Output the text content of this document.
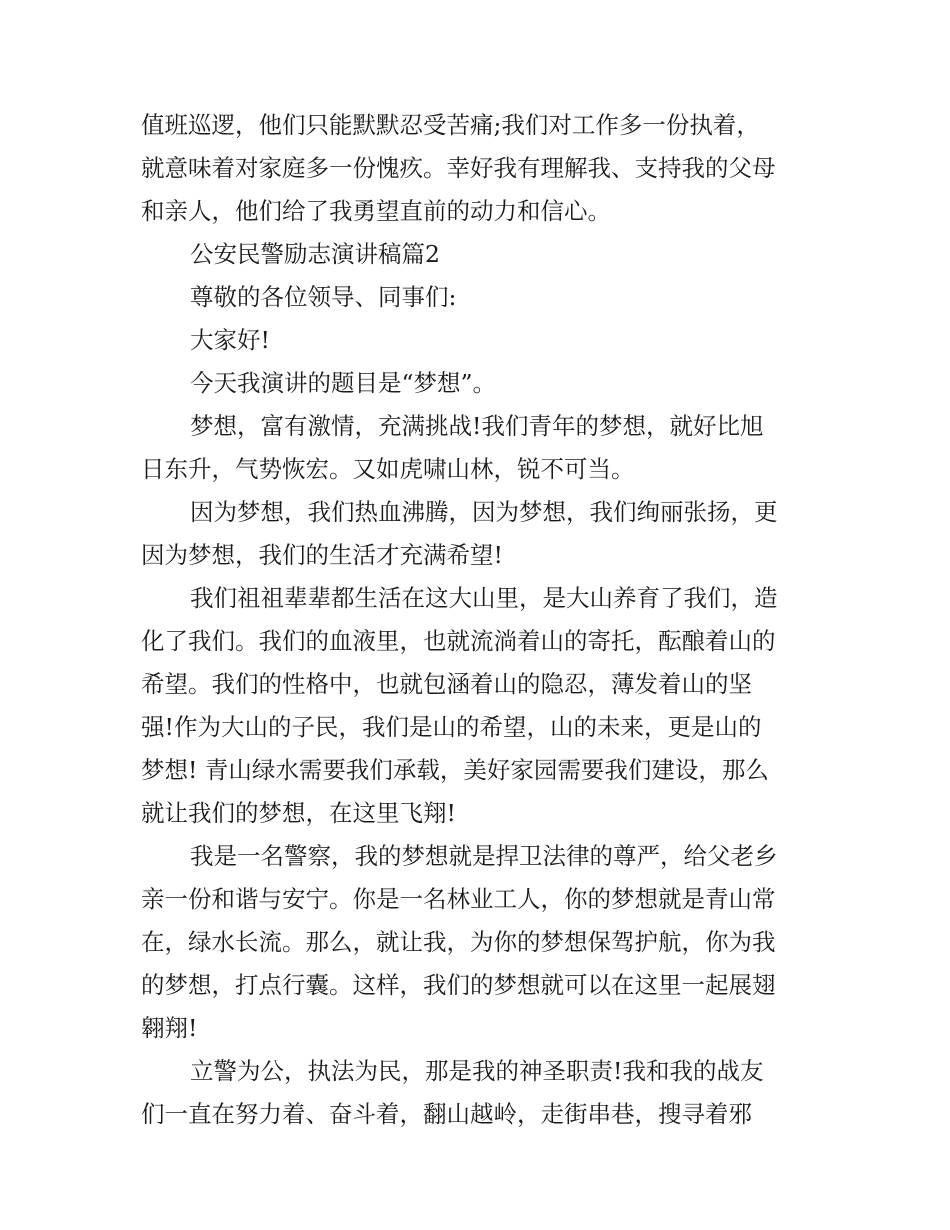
值班巡逻，他们只能默默忍受苦痛;我们对工作多一份执着，
就意味着对家庭多一份愧疚。幸好我有理解我、支持我的父母
和亲人，他们给了我勇望直前的动力和信心。
公安民警励志演讲稿篇2
尊敬的各位领导、同事们:
大家好!
今天我演讲的题目是“梦想”。
梦想，富有激情，充满挑战!我们青年的梦想，就好比旭
日东升，气势恢宏。又如虎啸山林，锐不可当。
因为梦想，我们热血沸腾，因为梦想，我们绚丽张扬，更
因为梦想，我们的生活才充满希望!
我们祖祖辈辈都生活在这大山里，是大山养育了我们，造
化了我们。我们的血液里，也就流淌着山的寄托，酝酿着山的
希望。我们的性格中，也就包涵着山的隐忍，薄发着山的坚
强!作为大山的子民，我们是山的希望，山的未来，更是山的
梦想! 青山绿水需要我们承载，美好家园需要我们建设，那么
就让我们的梦想，在这里飞翔!
我是一名警察，我的梦想就是捍卫法律的尊严，给父老乡
亲一份和谐与安宁。你是一名林业工人，你的梦想就是青山常
在，绿水长流。那么，就让我，为你的梦想保驾护航，你为我
的梦想，打点行囊。这样，我们的梦想就可以在这里一起展翅
翱翔!
立警为公，执法为民，那是我的神圣职责!我和我的战友
们一直在努力着、奋斗着，翻山越岭，走街串巷，搜寻着邪
